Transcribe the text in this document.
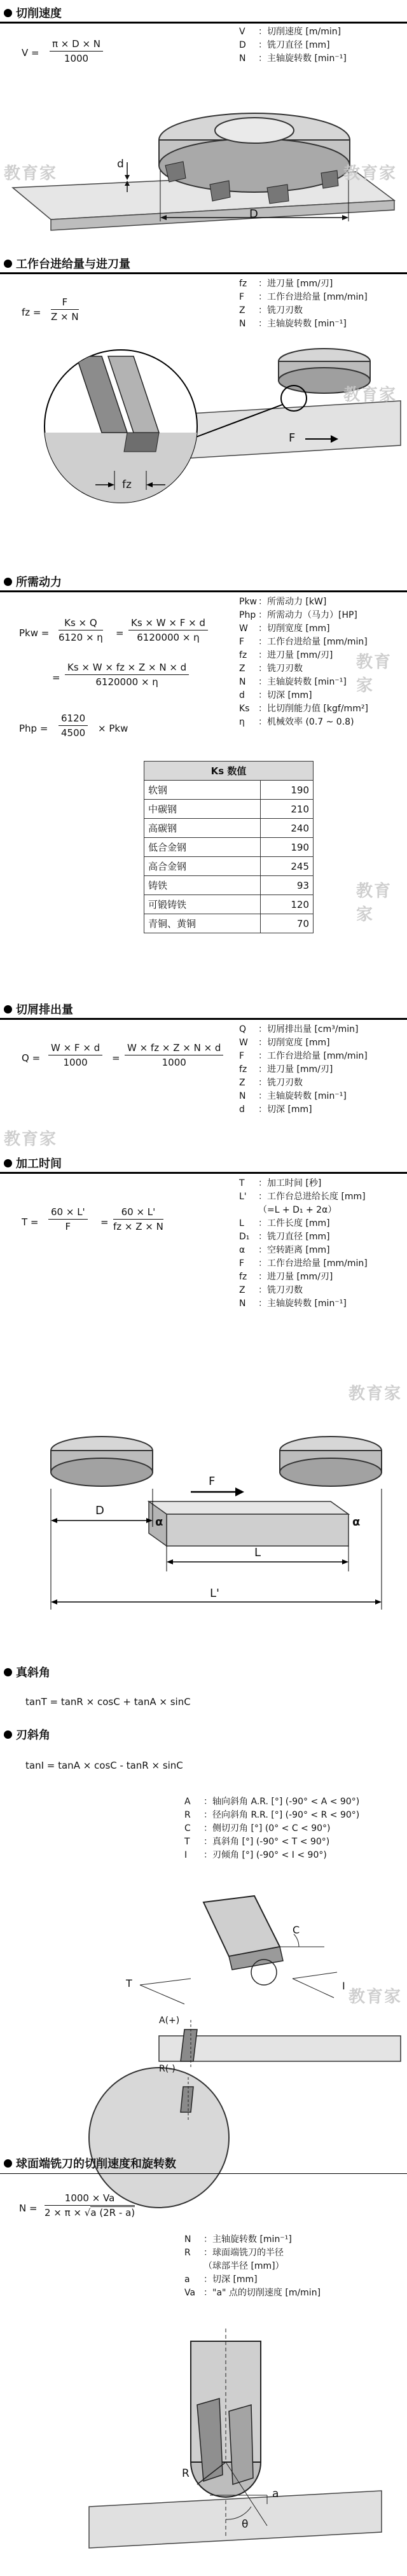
切削速度
$V = \frac{\pi \times D \times N}{1000}$
V	：切削速度 [m/min]
D	：铣刀直径 [mm]
N	：主轴旋转数 [min⁻¹]
d
D
教育家	教育家
工作台进给量与进刀量
fz = $\frac{F}{Z \times N}$
fz	：进刀量 [mm/刃]
F	：工作台进给量 [mm/min]
Z	：铣刀刃数
N	：主轴旋转数 [min⁻¹]
fz
F
教育家
所需动力
Pkw = $\frac{Ks \times Q}{6120 \times \eta} = \frac{Ks \times W \times F \times d}{6120000 \times \eta}$
= $\frac{Ks \times W \times fz \times Z \times N \times d}{6120000 \times \eta}$
Php = $\frac{6120}{4500}$ × Pkw
Pkw ：所需动力 [kW]
Php ：所需动力（马力）[HP]
W	：切削宽度 [mm]
F	：工作台进给量 [mm/min]
fz	：进刀量 [mm/刃]
Z	：铣刀刃数
N	：主轴旋转数 [min⁻¹]
d	：切深 [mm]
Ks ：比切削能力值 [kgf/mm²]
η	：机械效率 (0.7 ~ 0.8)
Ks 数值	
软钢	190
中碳钢	210
高碳钢	240
低合金钢	190
高合金钢	245
铸铁	93
可锻铸铁	120
青铜、黄铜	70
教育家
教育家
切屑排出量
$Q = \frac{W \times F \times d}{1000} = \frac{W \times fz \times Z \times N \times d}{1000}$
Q	：切屑排出量 [cm³/min]
W	：切削宽度 [mm]
F	：工作台进给量 [mm/min]
fz	：进刀量 [mm/刃]
Z	：铣刀刃数
N	：主轴旋转数 [min⁻¹]
d	：切深 [mm]
教育家
加工时间
$T = \frac{60 \times L'}{F} = \frac{60 \times L'}{fz \times Z \times N}$
T	：加工时间 [秒]
L'	：工作台总进给长度 [mm]
（=L + D₁ + 2α）
L	：工件长度 [mm]
D₁ ：铣刀直径 [mm]
α	：空转距离 [mm]
F	：工作台进给量 [mm/min]
fz	：进刀量 [mm/刃]
Z	：铣刀刃数
N	：主轴旋转数 [min⁻¹]
教育家
F
D
α	α
L
L'
真斜角
tanT = tanR × cosC + tanA × sinC
刃斜角
tanI = tanA × cosC - tanR × sinC
A	：轴向斜角 A.R. [°] (-90° < A < 90°)
R	：径向斜角 R.R. [°] (-90° < R < 90°)
C	：侧切刃角 [°] (0° < C < 90°)
T	：真斜角 [°] (-90° < T < 90°)
I	：刃倾角 [°] (-90° < I < 90°)
教育家
C
T	I
A(+)
R(-)
球面端铣刀的切削速度和旋转数
$N = \frac{1000 \times Va}{2 \times \pi \times √a (2R - a)}$
N	：主轴旋转数 [min⁻¹]
R	：球面端铣刀的半径
（球部半径 [mm]）
a	：切深 [mm]
Va ："a" 点的切削速度 [m/min]
R
a
θ
